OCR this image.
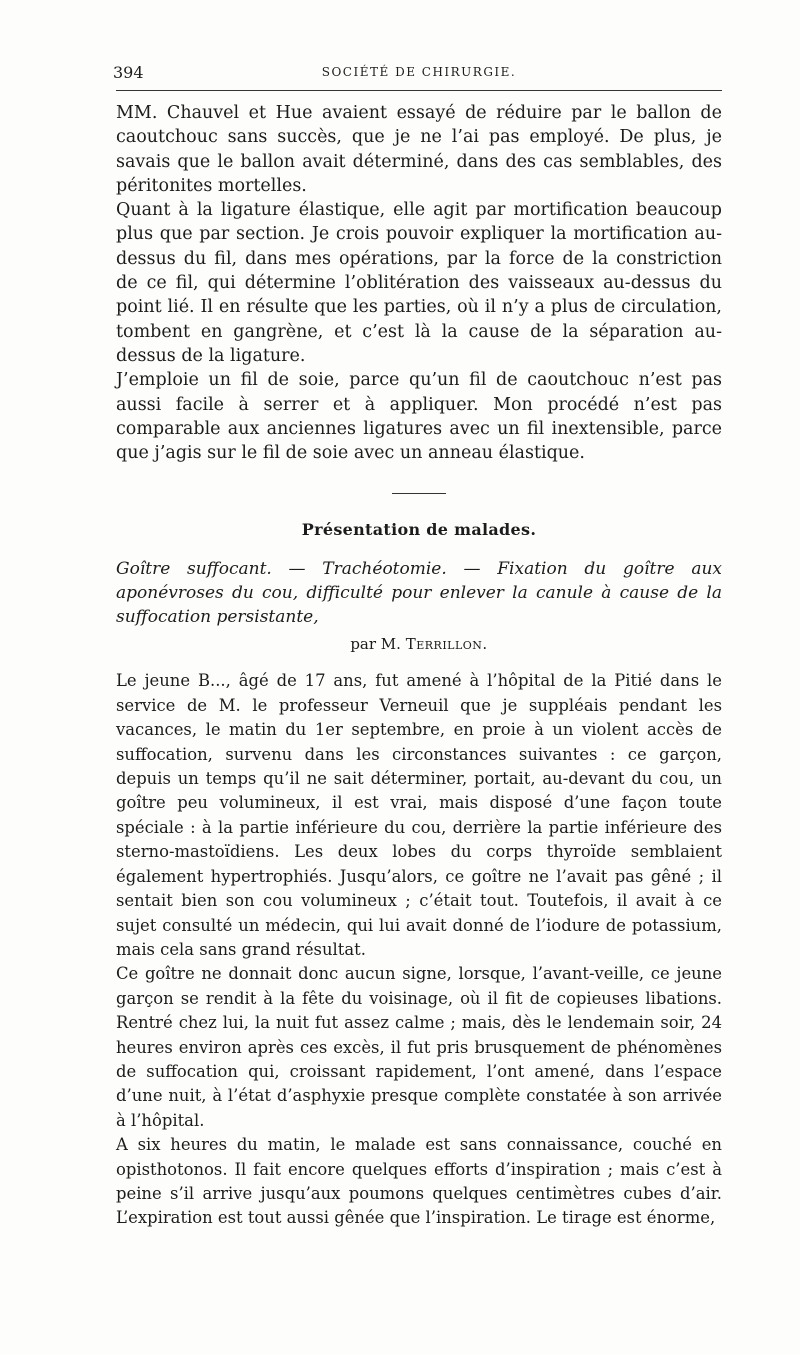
394	SOCIÉTÉ DE CHIRURGIE.

MM. Chauvel et Hue avaient essayé de réduire par le ballon de caoutchouc sans succès, que je ne l’ai pas employé. De plus, je savais que le ballon avait déterminé, dans des cas semblables, des péritonites mortelles.

Quant à la ligature élastique, elle agit par mortification beaucoup plus que par section. Je crois pouvoir expliquer la mortification au-dessus du fil, dans mes opérations, par la force de la constriction de ce fil, qui détermine l’oblitération des vaisseaux au-dessus du point lié. Il en résulte que les parties, où il n’y a plus de circulation, tombent en gangrène, et c’est là la cause de la séparation au-dessus de la ligature.

J’emploie un fil de soie, parce qu’un fil de caoutchouc n’est pas aussi facile à serrer et à appliquer. Mon procédé n’est pas comparable aux anciennes ligatures avec un fil inextensible, parce que j’agis sur le fil de soie avec un anneau élastique.

Présentation de malades.
Goître suffocant. — Trachéotomie. — Fixation du goître aux aponévroses du cou, difficulté pour enlever la canule à cause de la suffocation persistante,
par M. Terrillon.

Le jeune B..., âgé de 17 ans, fut amené à l’hôpital de la Pitié dans le service de M. le professeur Verneuil que je suppléais pendant les vacances, le matin du 1er septembre, en proie à un violent accès de suffocation, survenu dans les circonstances suivantes : ce garçon, depuis un temps qu’il ne sait déterminer, portait, au-devant du cou, un goître peu volumineux, il est vrai, mais disposé d’une façon toute spéciale : à la partie inférieure du cou, derrière la partie inférieure des sterno-mastoïdiens. Les deux lobes du corps thyroïde semblaient également hypertrophiés. Jusqu’alors, ce goître ne l’avait pas gêné ; il sentait bien son cou volumineux ; c’était tout. Toutefois, il avait à ce sujet consulté un médecin, qui lui avait donné de l’iodure de potassium, mais cela sans grand résultat.

Ce goître ne donnait donc aucun signe, lorsque, l’avant-veille, ce jeune garçon se rendit à la fête du voisinage, où il fit de copieuses libations. Rentré chez lui, la nuit fut assez calme ; mais, dès le lendemain soir, 24 heures environ après ces excès, il fut pris brusquement de phénomènes de suffocation qui, croissant rapidement, l’ont amené, dans l’espace d’une nuit, à l’état d’asphyxie presque complète constatée à son arrivée à l’hôpital.

A six heures du matin, le malade est sans connaissance, couché en opisthotonos. Il fait encore quelques efforts d’inspiration ; mais c’est à peine s’il arrive jusqu’aux poumons quelques centimètres cubes d’air. L’expiration est tout aussi gênée que l’inspiration. Le tirage est énorme,
